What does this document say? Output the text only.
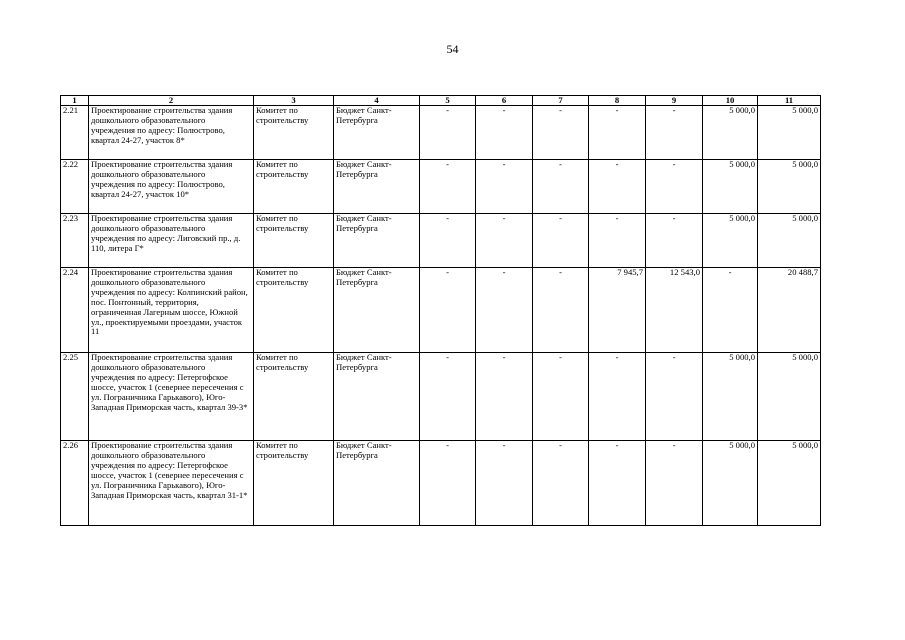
54
1	2	3	4	5	6	7	8	9	10	11
2.21	Проектирование строительства здания дошкольного образовательного учреждения по адресу: Полюстрово, квартал 24-27, участок 8*	Комитет по строительству	Бюджет Санкт-Петербурга	-	-	-	-	-	5 000,0	5 000,0
2.22	Проектирование строительства здания дошкольного образовательного учреждения по адресу: Полюстрово, квартал 24-27, участок 10*	Комитет по строительству	Бюджет Санкт-Петербурга	-	-	-	-	-	5 000,0	5 000,0
2.23	Проектирование строительства здания дошкольного образовательного учреждения по адресу: Лиговский пр., д. 110, литера Г*	Комитет по строительству	Бюджет Санкт-Петербурга	-	-	-	-	-	5 000,0	5 000,0
2.24	Проектирование строительства здания дошкольного образовательного учреждения по адресу: Колпинский район, пос. Понтонный, территория, ограниченная Лагерным шоссе, Южной ул., проектируемыми проездами, участок 11	Комитет по строительству	Бюджет Санкт-Петербурга	-	-	-	7 945,7	12 543,0	-	20 488,7
2.25	Проектирование строительства здания дошкольного образовательного учреждения по адресу: Петергофское шоссе, участок 1 (севернее пересечения с ул. Пограничника Гарькавого), Юго-Западная Приморская часть, квартал 39-3*	Комитет по строительству	Бюджет Санкт-Петербурга	-	-	-	-	-	5 000,0	5 000,0
2.26	Проектирование строительства здания дошкольного образовательного учреждения по адресу: Петергофское шоссе, участок 1 (севернее пересечения с ул. Пограничника Гарькавого), Юго-Западная Приморская часть, квартал 31-1*	Комитет по строительству	Бюджет Санкт-Петербурга	-	-	-	-	-	5 000,0	5 000,0
